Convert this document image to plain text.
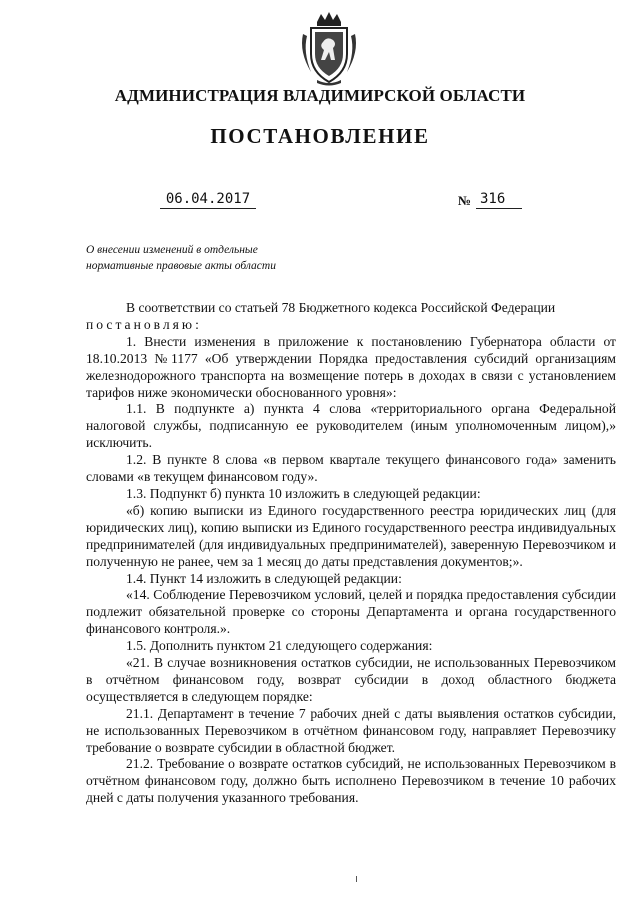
АДМИНИСТРАЦИЯ ВЛАДИМИРСКОЙ ОБЛАСТИ
ПОСТАНОВЛЕНИЕ
06.04.2017	№ 316
О внесении изменений в отдельные
нормативные правовые акты области

В соответствии со статьей 78 Бюджетного кодекса Российской Федерации

постановляю:

1. Внести изменения в приложение к постановлению Губернатора области от 18.10.2013 №1177 «Об утверждении Порядка предоставления субсидий организациям железнодорожного транспорта на возмещение потерь в доходах в связи с установлением тарифов ниже экономически обоснованного уровня»:

1.1. В подпункте а) пункта 4 слова «территориального органа Федеральной налоговой службы, подписанную ее руководителем (иным уполномоченным лицом),» исключить.

1.2. В пункте 8 слова «в первом квартале текущего финансового года» заменить словами «в текущем финансовом году».

1.3. Подпункт б) пункта 10 изложить в следующей редакции:

«б) копию выписки из Единого государственного реестра юридических лиц (для юридических лиц), копию выписки из Единого государственного реестра индивидуальных предпринимателей (для индивидуальных предпринимателей), заверенную Перевозчиком и полученную не ранее, чем за 1 месяц до даты представления документов;».

1.4. Пункт 14 изложить в следующей редакции:

«14. Соблюдение Перевозчиком условий, целей и порядка предоставления субсидии подлежит обязательной проверке со стороны Департамента и органа государственного финансового контроля.».

1.5. Дополнить пунктом 21 следующего содержания:

«21. В случае возникновения остатков субсидии, не использованных Перевозчиком в отчётном финансовом году, возврат субсидии в доход областного бюджета осуществляется в следующем порядке:

21.1. Департамент в течение 7 рабочих дней с даты выявления остатков субсидии, не использованных Перевозчиком в отчётном финансовом году, направляет Перевозчику требование о возврате субсидии в областной бюджет.

21.2. Требование о возврате остатков субсидий, не использованных Перевозчиком в отчётном финансовом году, должно быть исполнено Перевозчиком в течение 10 рабочих дней с даты получения указанного требования.
